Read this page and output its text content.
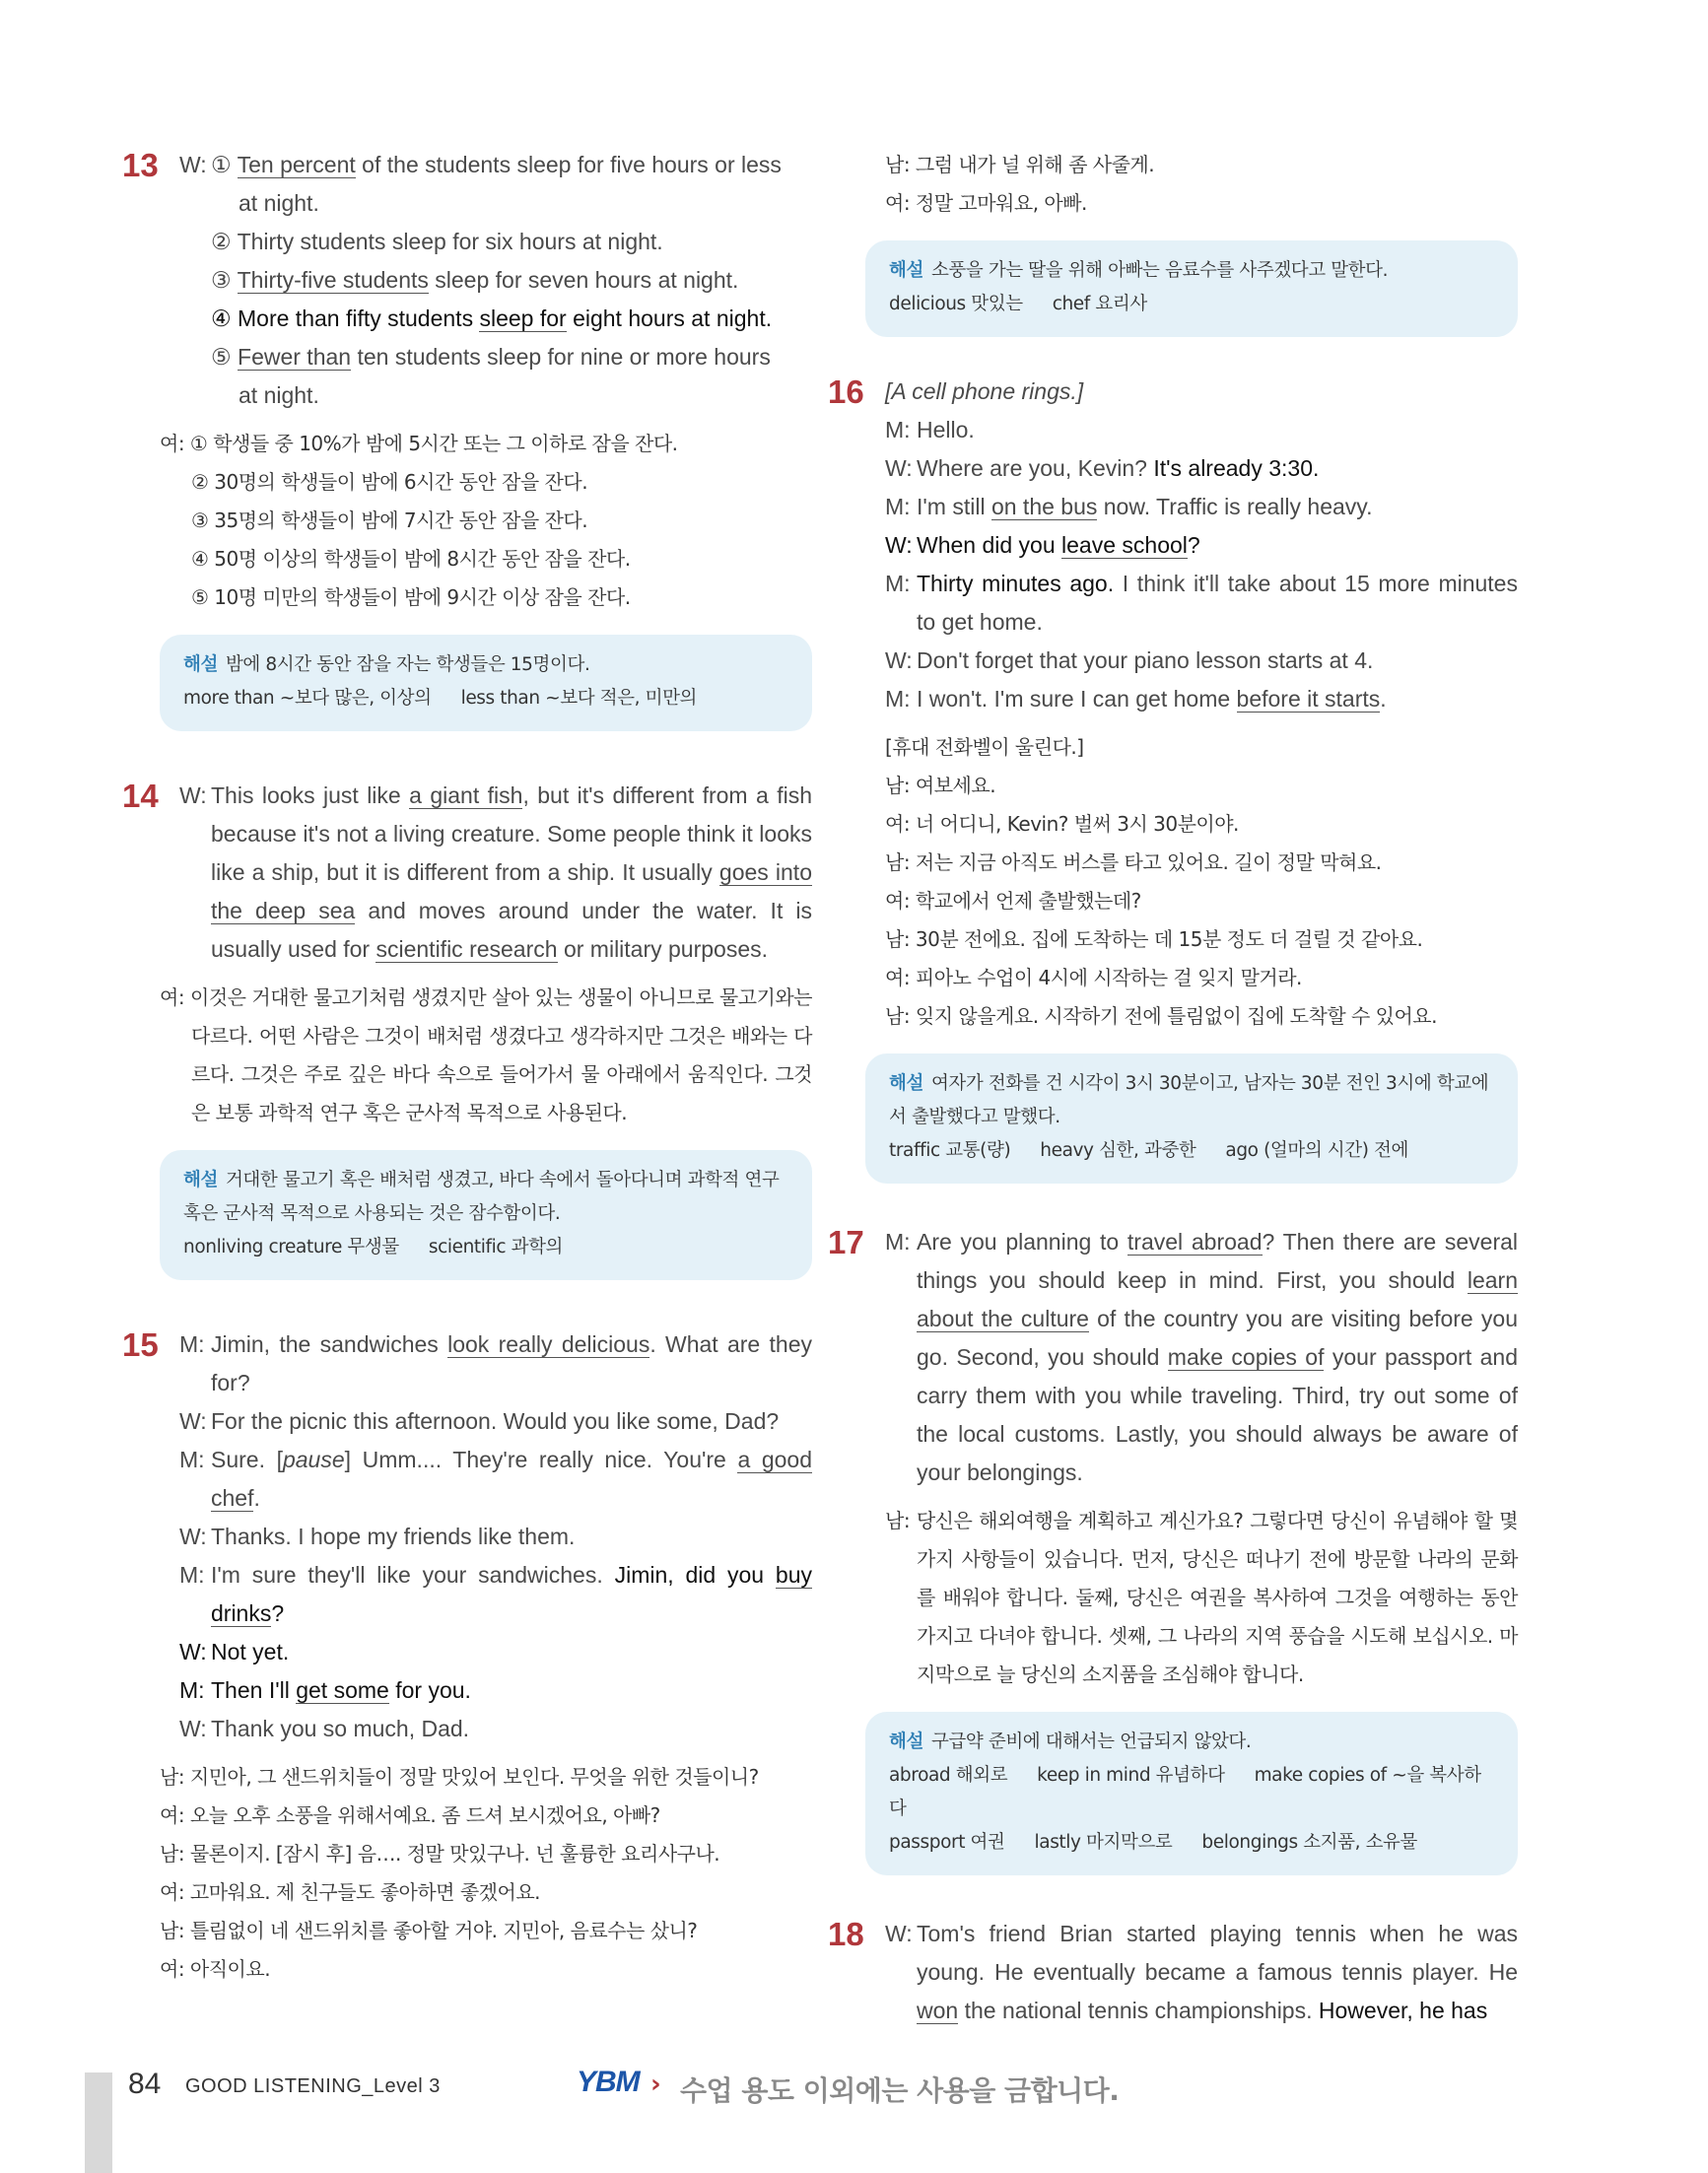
13 W: ① Ten percent of the students sleep for five hours or less
at night.
② Thirty students sleep for six hours at night.
③ Thirty-five students sleep for seven hours at night.
④ More than fifty students sleep for eight hours at night.
⑤ Fewer than ten students sleep for nine or more hours
at night.
여: ① 학생들 중 10%가 밤에 5시간 또는 그 이하로 잠을 잔다.
② 30명의 학생들이 밤에 6시간 동안 잠을 잔다.
③ 35명의 학생들이 밤에 7시간 동안 잠을 잔다.
④ 50명 이상의 학생들이 밤에 8시간 동안 잠을 잔다.
⑤ 10명 미만의 학생들이 밤에 9시간 이상 잠을 잔다.
해설 밤에 8시간 동안 잠을 자는 학생들은 15명이다.
more than ~보다 많은, 이상의 less than ~보다 적은, 미만의
14 W: This looks just like a giant fish, but it's different from a fish because it's not a living creature. Some people think it looks like a ship, but it is different from a ship. It usually goes into the deep sea and moves around under the water. It is usually used for scientific research or military purposes.
여: 이것은 거대한 물고기처럼 생겼지만 살아 있는 생물이 아니므로 물고기와는 다르다. 어떤 사람은 그것이 배처럼 생겼다고 생각하지만 그것은 배와는 다르다. 그것은 주로 깊은 바다 속으로 들어가서 물 아래에서 움직인다. 그것은 보통 과학적 연구 혹은 군사적 목적으로 사용된다.
해설 거대한 물고기 혹은 배처럼 생겼고, 바다 속에서 돌아다니며 과학적 연구 혹은 군사적 목적으로 사용되는 것은 잠수함이다.
nonliving creature 무생물 scientific 과학의
15 M: Jimin, the sandwiches look really delicious. What are they for?
W: For the picnic this afternoon. Would you like some, Dad?
M: Sure. [pause] Umm.... They're really nice. You're a good chef.
W: Thanks. I hope my friends like them.
M: I'm sure they'll like your sandwiches. Jimin, did you buy drinks?
W: Not yet.
M: Then I'll get some for you.
W: Thank you so much, Dad.
남: 지민아, 그 샌드위치들이 정말 맛있어 보인다. 무엇을 위한 것들이니?
여: 오늘 오후 소풍을 위해서예요. 좀 드셔 보시겠어요, 아빠?
남: 물론이지. [잠시 후] 음…. 정말 맛있구나. 넌 훌륭한 요리사구나.
여: 고마워요. 제 친구들도 좋아하면 좋겠어요.
남: 틀림없이 네 샌드위치를 좋아할 거야. 지민아, 음료수는 샀니?
여: 아직이요.
남: 그럼 내가 널 위해 좀 사줄게.
여: 정말 고마워요, 아빠.
해설 소풍을 가는 딸을 위해 아빠는 음료수를 사주겠다고 말한다.
delicious 맛있는 chef 요리사
16 [A cell phone rings.]
M: Hello.
W: Where are you, Kevin? It's already 3:30.
M: I'm still on the bus now. Traffic is really heavy.
W: When did you leave school?
M: Thirty minutes ago. I think it'll take about 15 more minutes to get home.
W: Don't forget that your piano lesson starts at 4.
M: I won't. I'm sure I can get home before it starts.
[휴대 전화벨이 울린다.]
남: 여보세요.
여: 너 어디니, Kevin? 벌써 3시 30분이야.
남: 저는 지금 아직도 버스를 타고 있어요. 길이 정말 막혀요.
여: 학교에서 언제 출발했는데?
남: 30분 전에요. 집에 도착하는 데 15분 정도 더 걸릴 것 같아요.
여: 피아노 수업이 4시에 시작하는 걸 잊지 말거라.
남: 잊지 않을게요. 시작하기 전에 틀림없이 집에 도착할 수 있어요.
해설 여자가 전화를 건 시각이 3시 30분이고, 남자는 30분 전인 3시에 학교에서 출발했다고 말했다.
traffic 교통(량) heavy 심한, 과중한 ago (얼마의 시간) 전에
17 M: Are you planning to travel abroad? Then there are several things you should keep in mind. First, you should learn about the culture of the country you are visiting before you go. Second, you should make copies of your passport and carry them with you while traveling. Third, try out some of the local customs. Lastly, you should always be aware of your belongings.
남: 당신은 해외여행을 계획하고 계신가요? 그렇다면 당신이 유념해야 할 몇 가지 사항들이 있습니다. 먼저, 당신은 떠나기 전에 방문할 나라의 문화를 배워야 합니다. 둘째, 당신은 여권을 복사하여 그것을 여행하는 동안 가지고 다녀야 합니다. 셋째, 그 나라의 지역 풍습을 시도해 보십시오. 마지막으로 늘 당신의 소지품을 조심해야 합니다.
해설 구급약 준비에 대해서는 언급되지 않았다.
abroad 해외로 keep in mind 유념하다 make copies of ~을 복사하다
passport 여권 lastly 마지막으로 belongings 소지품, 소유물
18 W: Tom's friend Brian started playing tennis when he was young. He eventually became a famous tennis player. He won the national tennis championships. However, he has
84 GOOD LISTENING_Level 3	YBM › 수업 용도 이외에는 사용을 금합니다.
